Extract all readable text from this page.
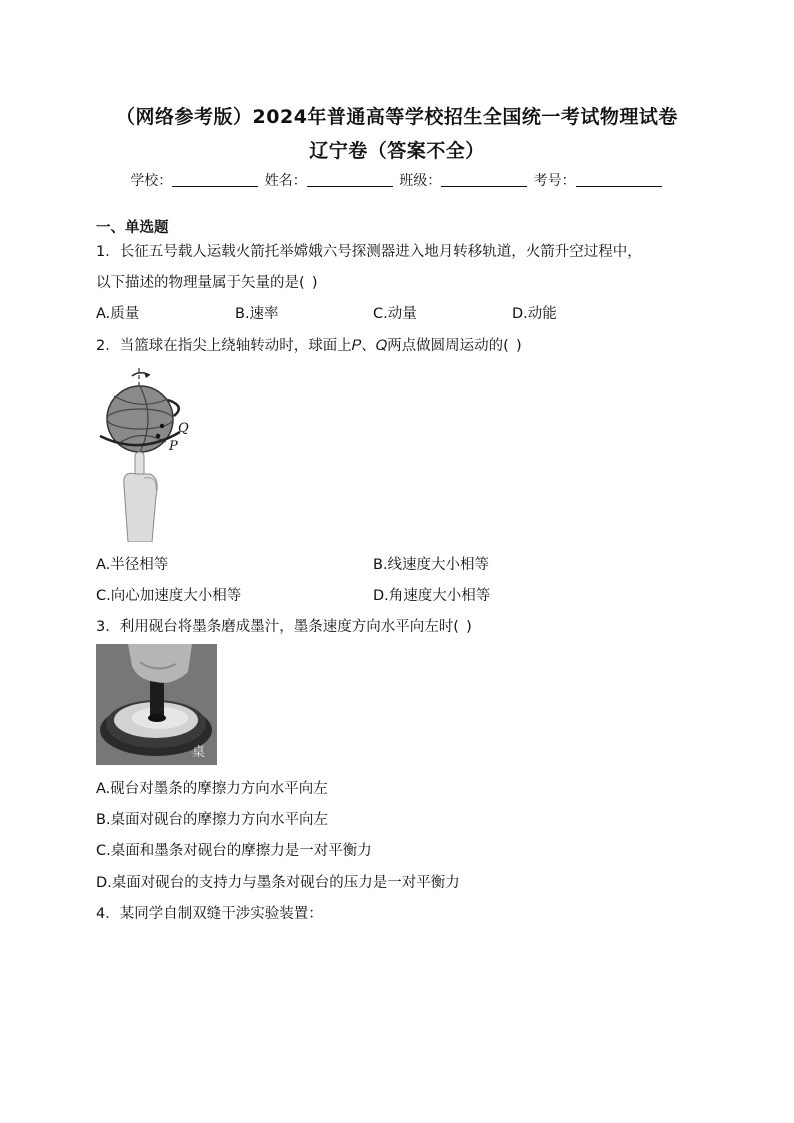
（网络参考版）2024年普通高等学校招生全国统一考试物理试卷
辽宁卷（答案不全）
学校：	姓名：	班级：	考号：
一、单选题
1．长征五号载人运载火箭托举嫦娥六号探测器进入地月转移轨道，火箭升空过程中，
以下描述的物理量属于矢量的是( )
A.质量	B.速率	C.动量	D.动能
2．当篮球在指尖上绕轴转动时，球面上𝑃、𝑄两点做圆周运动的( )
Q
P
A.半径相等	B.线速度大小相等
C.向心加速度大小相等	D.角速度大小相等
3．利用砚台将墨条磨成墨汁，墨条速度方向水平向左时( )
桌
A.砚台对墨条的摩擦力方向水平向左
B.桌面对砚台的摩擦力方向水平向左
C.桌面和墨条对砚台的摩擦力是一对平衡力
D.桌面对砚台的支持力与墨条对砚台的压力是一对平衡力
4．某同学自制双缝干涉实验装置：
